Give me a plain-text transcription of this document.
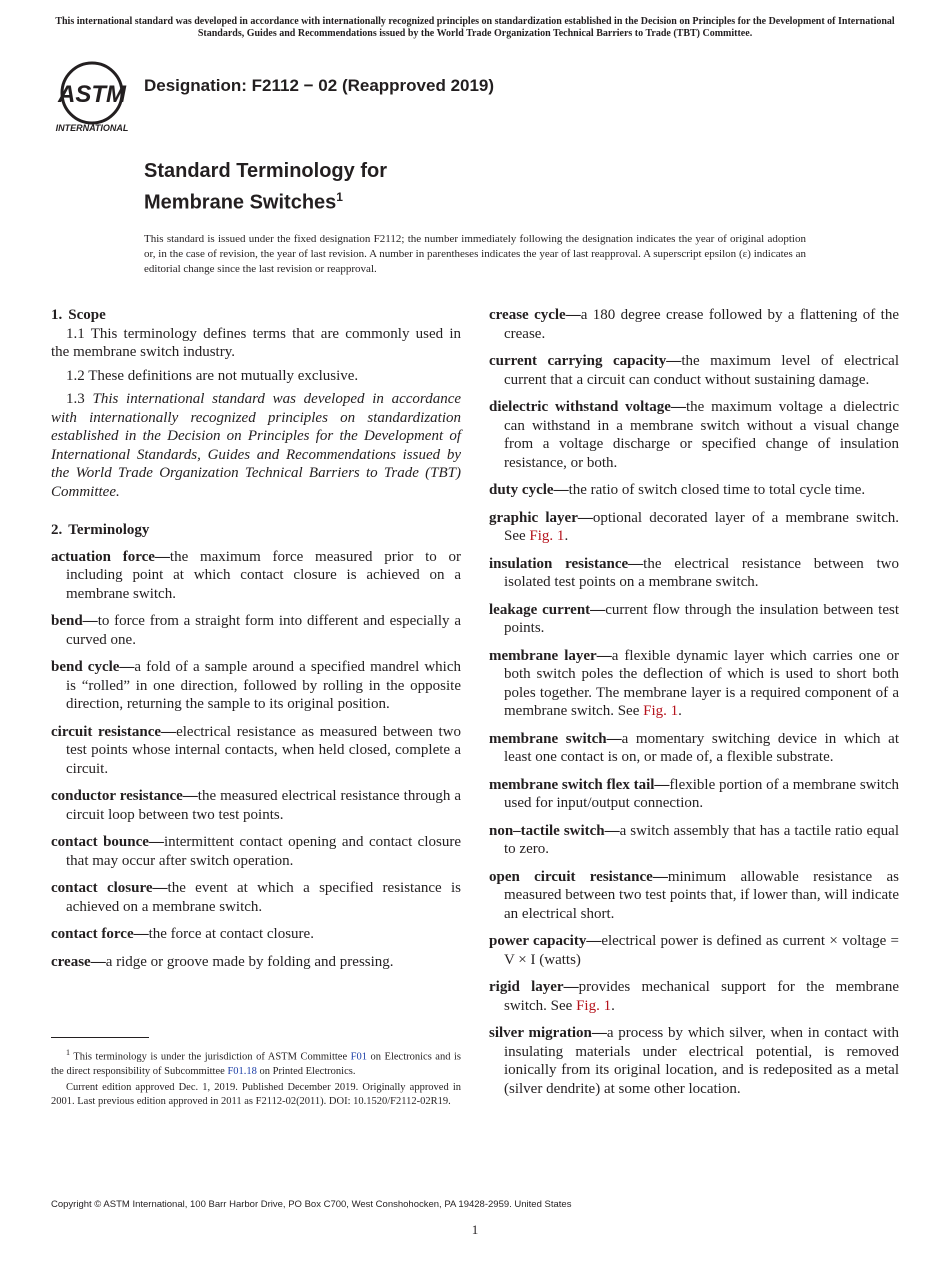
This international standard was developed in accordance with internationally recognized principles on standardization established in the Decision on Principles for the Development of International Standards, Guides and Recommendations issued by the World Trade Organization Technical Barriers to Trade (TBT) Committee.
ASTM
INTERNATIONAL
Designation: F2112 − 02 (Reapproved 2019)
Standard Terminology for
Membrane Switches$^1$
This standard is issued under the fixed designation F2112; the number immediately following the designation indicates the year of original adoption or, in the case of revision, the year of last revision. A number in parentheses indicates the year of last reapproval. A superscript epsilon (ε) indicates an editorial change since the last revision or reapproval.

1. Scope

1.1 This terminology defines terms that are commonly used in the membrane switch industry.

1.2 These definitions are not mutually exclusive.

1.3 This international standard was developed in accordance with internationally recognized principles on standardization established in the Decision on Principles for the Development of International Standards, Guides and Recommendations issued by the World Trade Organization Technical Barriers to Trade (TBT) Committee.

2. Terminology

actuation force—the maximum force measured prior to or including point at which contact closure is achieved on a membrane switch.

bend—to force from a straight form into different and especially a curved one.

bend cycle—a fold of a sample around a specified mandrel which is “rolled” in one direction, followed by rolling in the opposite direction, returning the sample to its original position.

circuit resistance—electrical resistance as measured between two test points whose internal contacts, when held closed, complete a circuit.

conductor resistance—the measured electrical resistance through a circuit loop between two test points.

contact bounce—intermittent contact opening and contact closure that may occur after switch operation.

contact closure—the event at which a specified resistance is achieved on a membrane switch.

contact force—the force at contact closure.

crease—a ridge or groove made by folding and pressing.

crease cycle—a 180 degree crease followed by a flattening of the crease.

current carrying capacity—the maximum level of electrical current that a circuit can conduct without sustaining damage.

dielectric withstand voltage—the maximum voltage a dielectric can withstand in a membrane switch without a visual change from a voltage discharge or specified change of insulation resistance, or both.

duty cycle—the ratio of switch closed time to total cycle time.

graphic layer—optional decorated layer of a membrane switch. See Fig. 1.

insulation resistance—the electrical resistance between two isolated test points on a membrane switch.

leakage current—current flow through the insulation between test points.

membrane layer—a flexible dynamic layer which carries one or both switch poles the deflection of which is used to short both poles together. The membrane layer is a required component of a membrane switch. See Fig. 1.

membrane switch—a momentary switching device in which at least one contact is on, or made of, a flexible substrate.

membrane switch flex tail—flexible portion of a membrane switch used for input/output connection.

non–tactile switch—a switch assembly that has a tactile ratio equal to zero.

open circuit resistance—minimum allowable resistance as measured between two test points that, if lower than, will indicate an electrical short.

power capacity—electrical power is defined as current × voltage = V × I (watts)

rigid layer—provides mechanical support for the membrane switch. See Fig. 1.

silver migration—a process by which silver, when in contact with insulating materials under electrical potential, is removed ionically from its original location, and is redeposited as a metal (silver dendrite) at some other location.

$^1$ This terminology is under the jurisdiction of ASTM Committee F01 on Electronics and is the direct responsibility of Subcommittee F01.18 on Printed Electronics.

Current edition approved Dec. 1, 2019. Published December 2019. Originally approved in 2001. Last previous edition approved in 2011 as F2112-02(2011). DOI: 10.1520/F2112-02R19.

Copyright © ASTM International, 100 Barr Harbor Drive, PO Box C700, West Conshohocken, PA 19428-2959. United States
1
